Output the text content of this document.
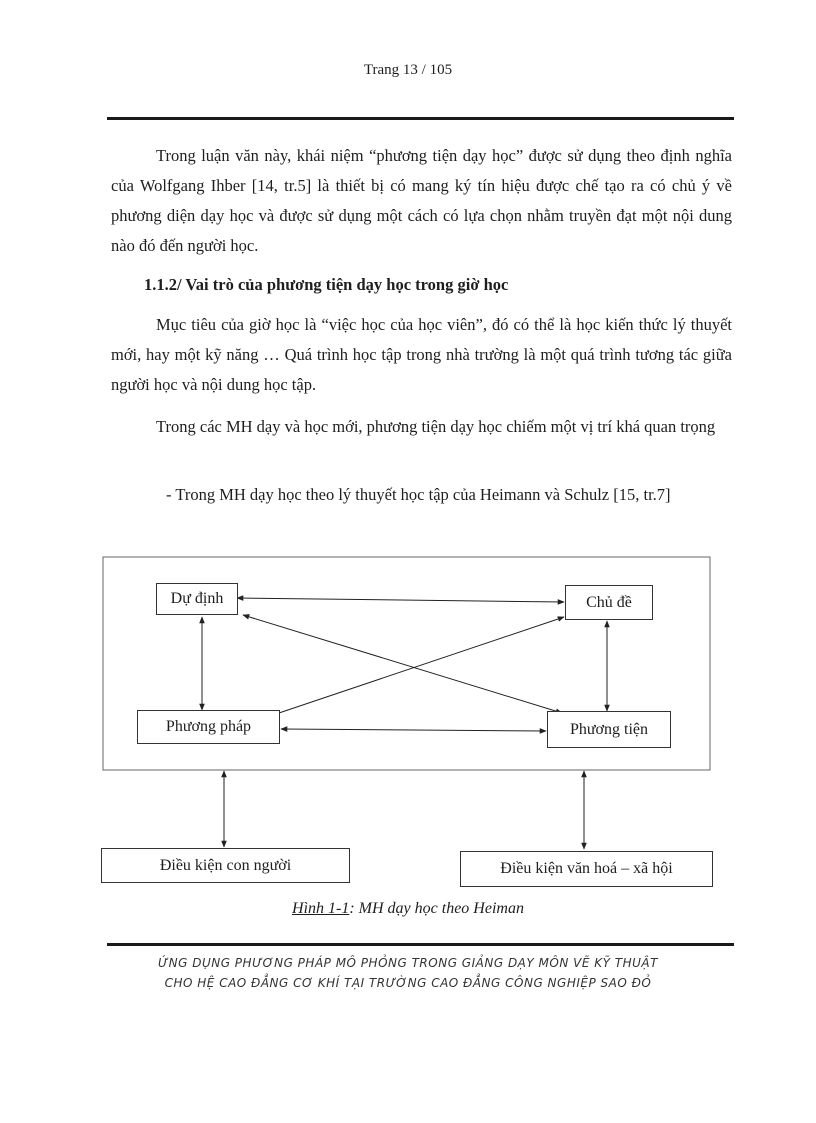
Trang 13 / 105

Trong luận văn này, khái niệm “phương tiện dạy học” được sử dụng theo định nghĩa của Wolfgang Ihber [14, tr.5] là thiết bị có mang ký tín hiệu được chế tạo ra có chủ ý về phương diện dạy học và được sử dụng một cách có lựa chọn nhằm truyền đạt một nội dung nào đó đến người học.

1.1.2/ Vai trò của phương tiện dạy học trong giờ học

Mục tiêu của giờ học là “việc học của học viên”, đó có thể là học kiến thức lý thuyết mới, hay một kỹ năng … Quá trình học tập trong nhà trường là một quá trình tương tác giữa người học và nội dung học tập.

Trong các MH dạy và học mới, phương tiện dạy học chiếm một vị trí khá quan trọng

- Trong MH dạy học theo lý thuyết học tập của Heimann và Schulz [15, tr.7]

Dự định	Chủ đề
Phương pháp	Phương tiện
Điều kiện con người	Điều kiện văn hoá – xã hội
Hình 1-1: MH dạy học theo Heiman
ỨNG DỤNG PHƯƠNG PHÁP MÔ PHỎNG TRONG GIẢNG DẠY MÔN VẼ KỸ THUẬT
CHO HỆ CAO ĐẲNG CƠ KHÍ TẠI TRƯỜNG CAO ĐẲNG CÔNG NGHIỆP SAO ĐỎ
